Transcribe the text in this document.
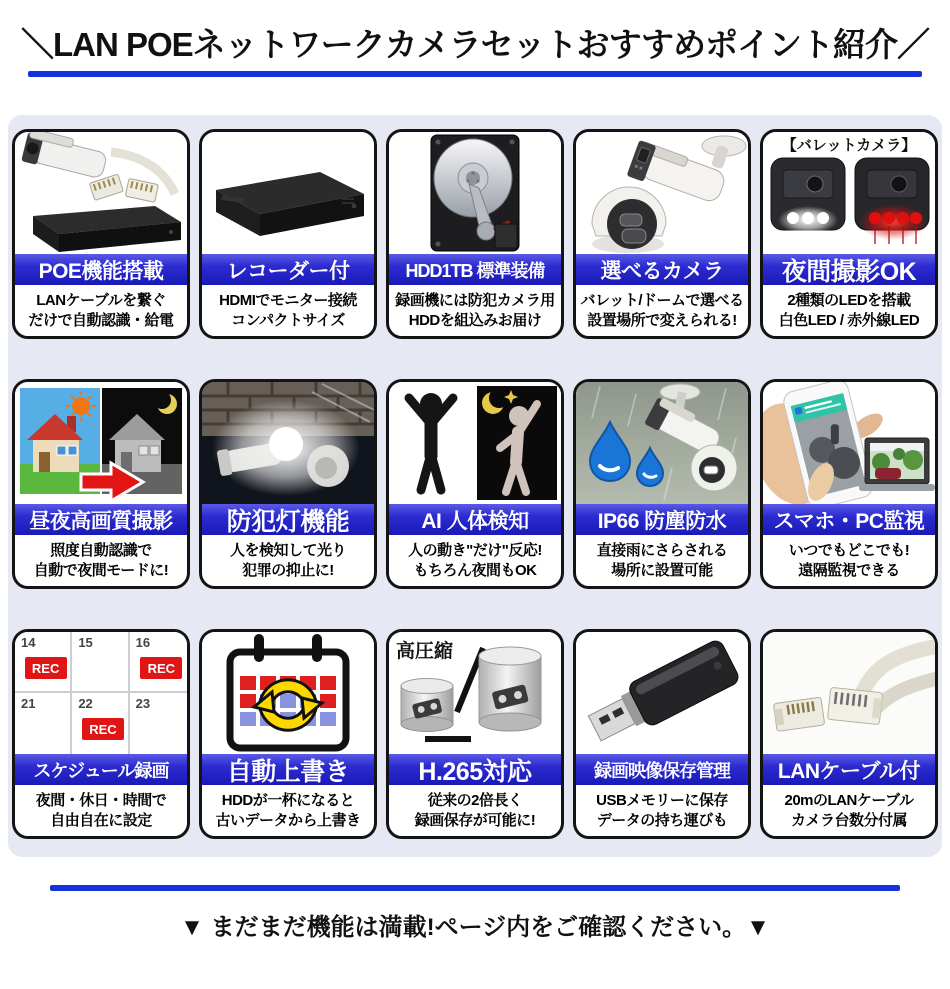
＼LAN POEネットワークカメラセットおすすめポイント紹介／
POE機能搭載
LANケーブルを繋ぐ
だけで自動認識・給電
レコーダー付
HDMIでモニター接続
コンパクトサイズ
HDD1TB 標準装備
録画機には防犯カメラ用
HDDを組込みお届け
選べるカメラ
バレット/ドームで選べる
設置場所で変えられる!
【バレットカメラ】
夜間撮影OK
2種類のLEDを搭載
白色LED / 赤外線LED
昼夜高画質撮影
照度自動認識で
自動で夜間モードに!
防犯灯機能
人を検知して光り
犯罪の抑止に!
AI 人体検知
人の動き"だけ"反応!
もちろん夜間もOK
IP66 防塵防水
直接雨にさらされる
場所に設置可能
スマホ・PC監視
いつでもどこでも!
遠隔監視できる
14
REC
15	16
REC
21	22
REC
23
スケジュール録画
夜間・休日・時間で
自由自在に設定
自動上書き
HDDが一杯になると
古いデータから上書き
高圧縮
H.265対応
従来の2倍長く
録画保存が可能に!
録画映像保存管理
USBメモリーに保存
データの持ち運びも
LANケーブル付
20mのLANケーブル
カメラ台数分付属
▼ まだまだ機能は満載!ページ内をご確認ください。▼
